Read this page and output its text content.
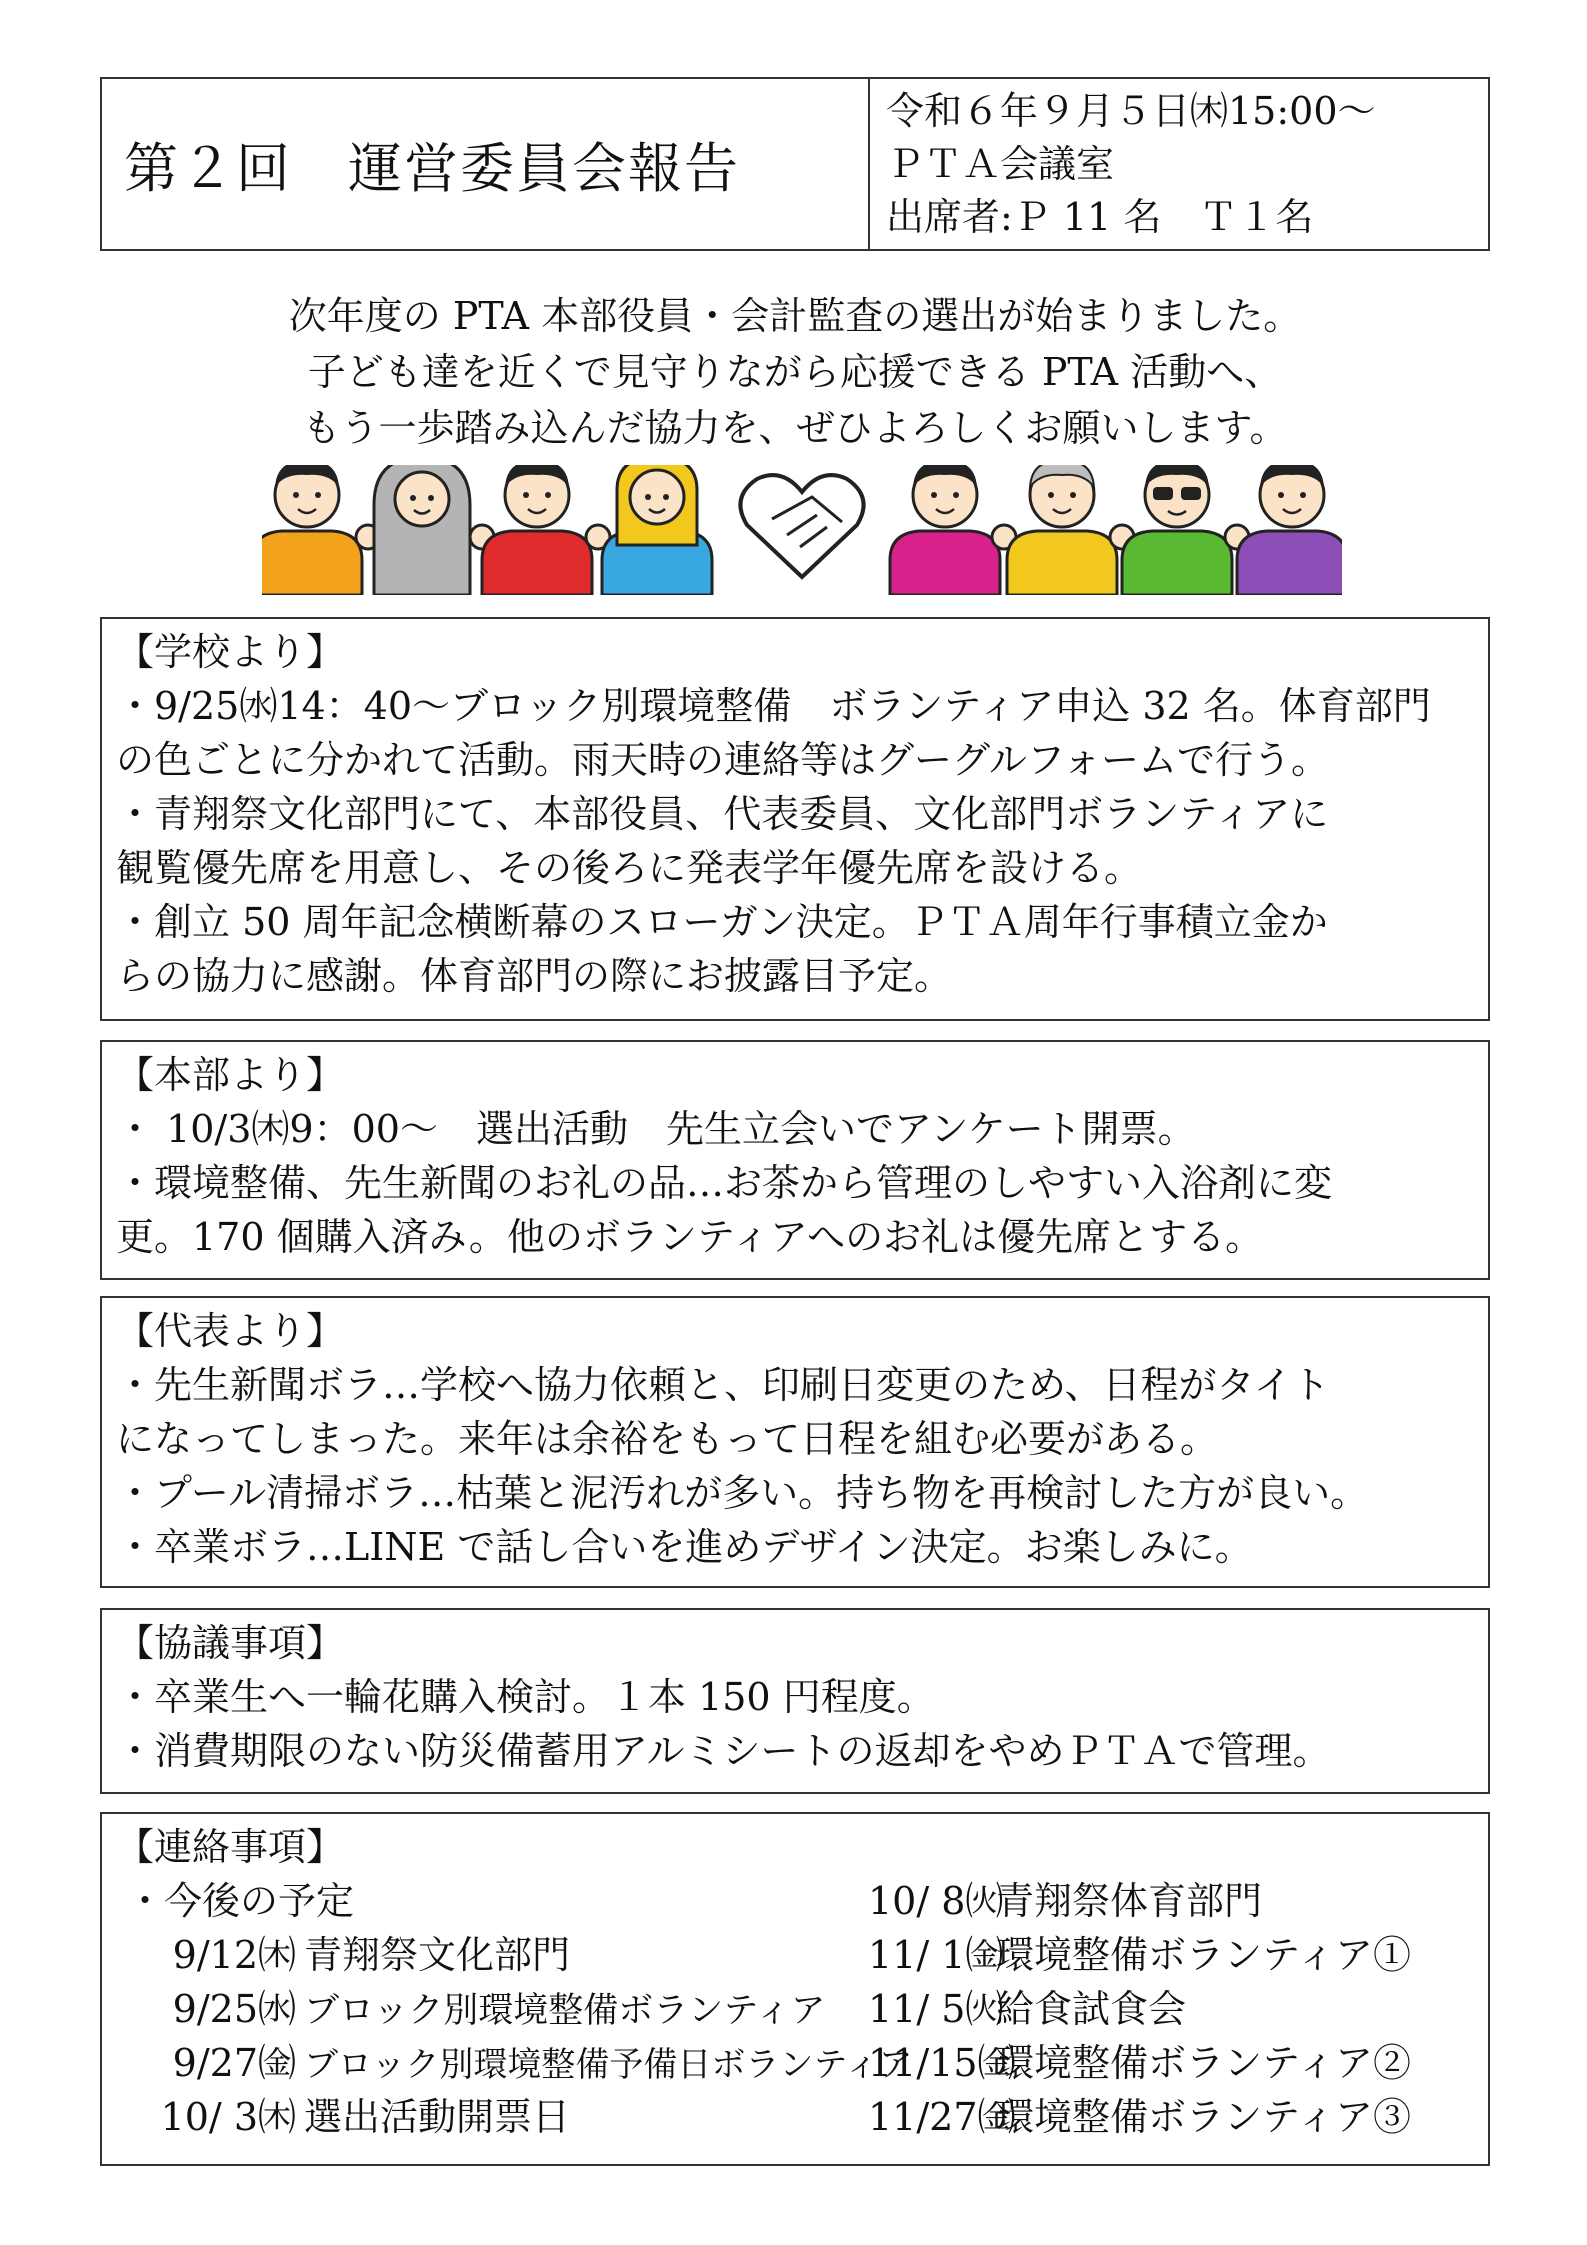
第２回　運営委員会報告
令和６年９月５日㈭15:00～
ＰＴＡ会議室
出席者:Ｐ 11 名　Ｔ１名
次年度の PTA 本部役員・会計監査の選出が始まりました。
子ども達を近くで見守りながら応援できる PTA 活動へ、
もう一歩踏み込んだ協力を、ぜひよろしくお願いします。
【学校より】
・9/25㈬14：40～ブロック別環境整備　ボランティア申込 32 名。体育部門
の色ごとに分かれて活動。雨天時の連絡等はグーグルフォームで行う。
・青翔祭文化部門にて、本部役員、代表委員、文化部門ボランティアに
観覧優先席を用意し、その後ろに発表学年優先席を設ける。
・創立 50 周年記念横断幕のスローガン決定。ＰＴＡ周年行事積立金か
らの協力に感謝。体育部門の際にお披露目予定。
【本部より】
・ 10/3㈭9：00～　選出活動　先生立会いでアンケート開票。
・環境整備、先生新聞のお礼の品…お茶から管理のしやすい入浴剤に変
更。170 個購入済み。他のボランティアへのお礼は優先席とする。
【代表より】
・先生新聞ボラ…学校へ協力依頼と、印刷日変更のため、日程がタイト
になってしまった。来年は余裕をもって日程を組む必要がある。
・プール清掃ボラ…枯葉と泥汚れが多い。持ち物を再検討した方が良い。
・卒業ボラ…LINE で話し合いを進めデザイン決定。お楽しみに。
【協議事項】
・卒業生へ一輪花購入検討。１本 150 円程度。
・消費期限のない防災備蓄用アルミシートの返却をやめＰＴＡで管理。
【連絡事項】
・今後の予定
9/12㈭ 青翔祭文化部門
9/25㈬ ブロック別環境整備ボランティア
9/27㈮ ブロック別環境整備予備日ボランティア
10/ 3㈭ 選出活動開票日
10/ 8㈫青翔祭体育部門
11/ 1㈮環境整備ボランティア①
11/ 5㈫給食試食会
11/15㈮環境整備ボランティア②
11/27㈮環境整備ボランティア③
